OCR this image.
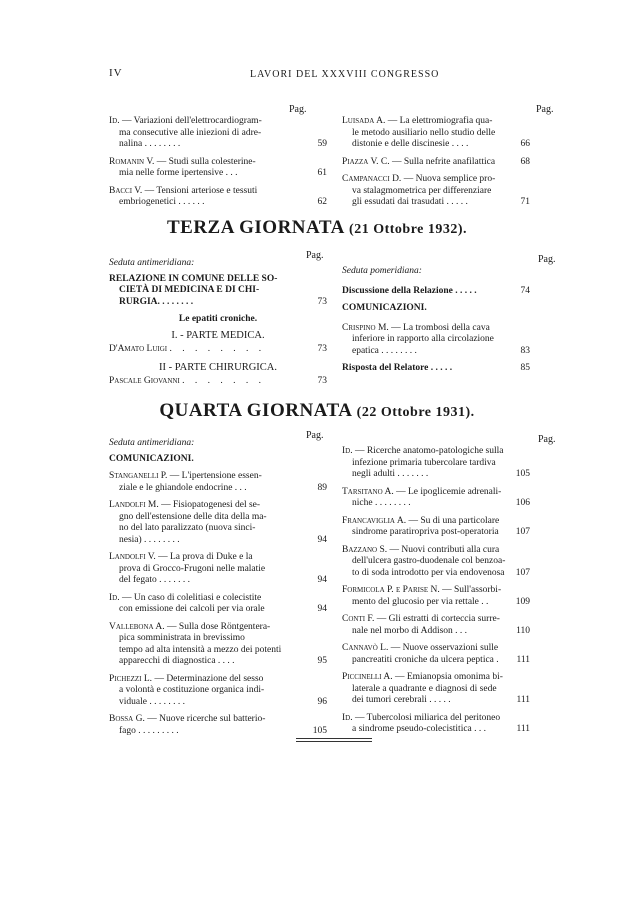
IV	LAVORI DEL XXXVIII CONGRESSO
Pag.	Pag.
Id. — Variazioni dell'elettrocardiogram-
ma consecutive alle iniezioni di adre-
nalina . . . . . . . .	59
Romanin V. — Studi sulla colesterine-
mia nelle forme ipertensive . . .	61
Bacci V. — Tensioni arteriose e tessuti
embriogenetici . . . . . .	62
Luisada A. — La elettromiografia qua-
le metodo ausiliario nello studio delle
distonie e delle discinesie . . . .	66
Piazza V. C. — Sulla nefrite anafilattica	68
Campanacci D. — Nuova semplice pro-
va stalagmometrica per differenziare
gli essudati dai trasudati . . . . .	71
TERZA GIORNATA (21 Ottobre 1932).
Pag.	Pag.
Seduta antimeridiana:
RELAZIONE IN COMUNE DELLE SO-
CIETÀ DI MEDICINA E DI CHI-
RURGIA. . . . . . . .	73
Le epatiti croniche.
I. - PARTE MEDICA.
D'Amato Luigi . . . . . . . .	73
II - PARTE CHIRURGICA.
Pascale Giovanni . . . . . . .	73
Seduta pomeridiana:
Discussione della Relazione . . . . .	74
COMUNICAZIONI.
Crispino M. — La trombosi della cava
inferiore in rapporto alla circolazione
epatica . . . . . . . .	83
Risposta del Relatore . . . . .	85
QUARTA GIORNATA (22 Ottobre 1931).
Pag.	Pag.
Seduta antimeridiana:
COMUNICAZIONI.
Stanganelli P. — L'ipertensione essen-
ziale e le ghiandole endocrine . . .	89
Landolfi M. — Fisiopatogenesi del se-
gno dell'estensione delle dita della ma-
no del lato paralizzato (nuova sinci-
nesia) . . . . . . . .	94
Landolfi V. — La prova di Duke e la
prova di Grocco-Frugoni nelle malatie
del fegato . . . . . . .	94
Id. — Un caso di colelitiasi e colecistite
con emissione dei calcoli per via orale	94
Vallebona A. — Sulla dose Röntgentera-
pica somministrata in brevissimo
tempo ad alta intensità a mezzo dei potenti
apparecchi di diagnostica . . . .	95
Pichezzi L. — Determinazione del sesso
a volontà e costituzione organica indi-
viduale . . . . . . . .	96
Bossa G. — Nuove ricerche sul batterio-
fago . . . . . . . . .	105
Id. — Ricerche anatomo-patologiche sulla
infezione primaria tubercolare tardiva
negli adulti . . . . . . .	105
Tarsitano A. — Le ipoglicemie adrenali-
niche . . . . . . . .	106
Francaviglia A. — Su di una particolare
sindrome paratiropriva post-operatoria	107
Bazzano S. — Nuovi contributi alla cura
dell'ulcera gastro-duodenale col benzoa-
to di soda introdotto per via endovenosa	107
Formicola P. e Parise N. — Sull'assorbi-
mento del glucosio per via rettale . .	109
Conti F. — Gli estratti di corteccia surre-
nale nel morbo di Addison . . .	110
Cannavò L. — Nuove osservazioni sulle
pancreatiti croniche da ulcera peptica .	111
Piccinelli A. — Emianopsia omonima bi-
laterale a quadrante e diagnosi di sede
dei tumori cerebrali . . . . .	111
Id. — Tubercolosi miliarica del peritoneo
a sindrome pseudo-colecistitica . . .	111
